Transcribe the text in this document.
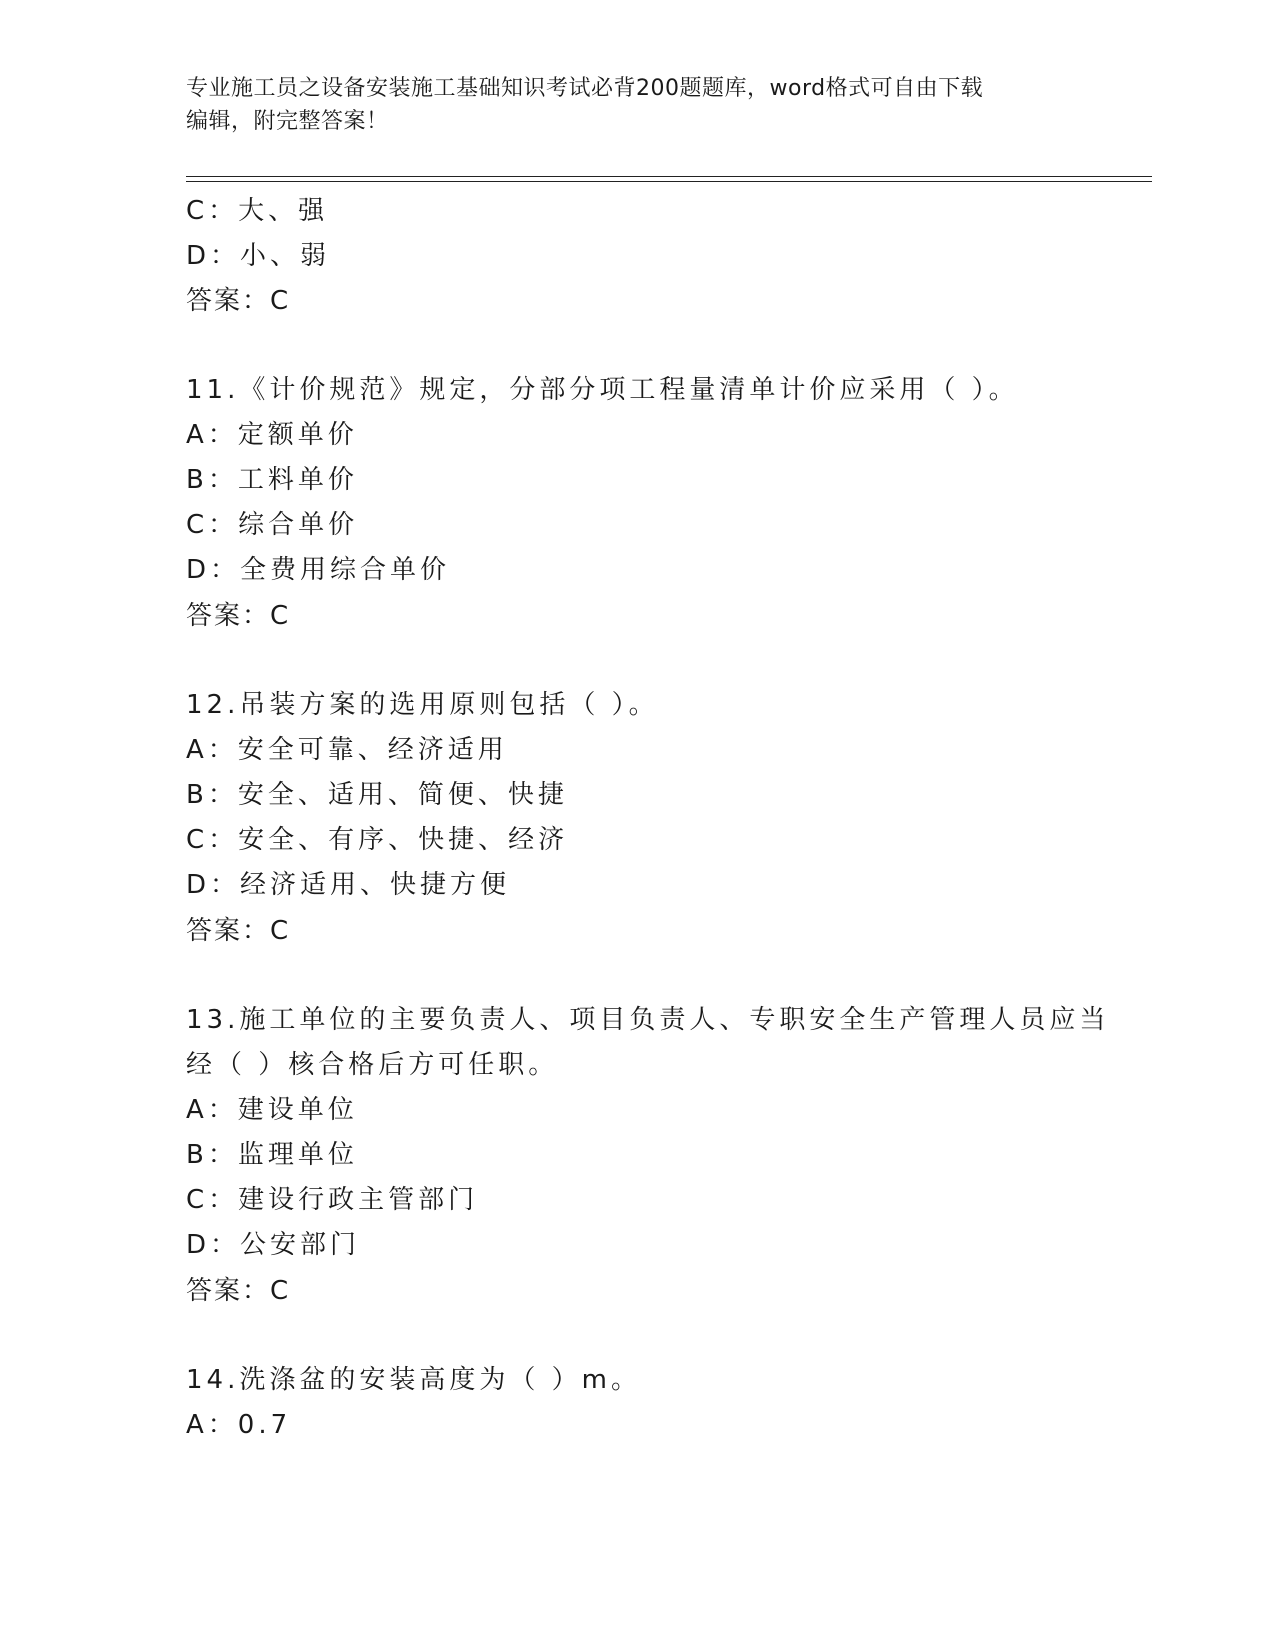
专业施工员之设备安装施工基础知识考试必背200题题库，word格式可自由下载
编辑，附完整答案！
C：大、强
D：小、弱
答案：C
11.《计价规范》规定，分部分项工程量清单计价应采用（ ）。
A：定额单价
B：工料单价
C：综合单价
D：全费用综合单价
答案：C
12.吊装方案的选用原则包括（ ）。
A：安全可靠、经济适用
B：安全、适用、简便、快捷
C：安全、有序、快捷、经济
D：经济适用、快捷方便
答案：C
13.施工单位的主要负责人、项目负责人、专职安全生产管理人员应当
经（ ）核合格后方可任职。
A：建设单位
B：监理单位
C：建设行政主管部门
D：公安部门
答案：C
14.洗涤盆的安装高度为（ ）m。
A：0.7
